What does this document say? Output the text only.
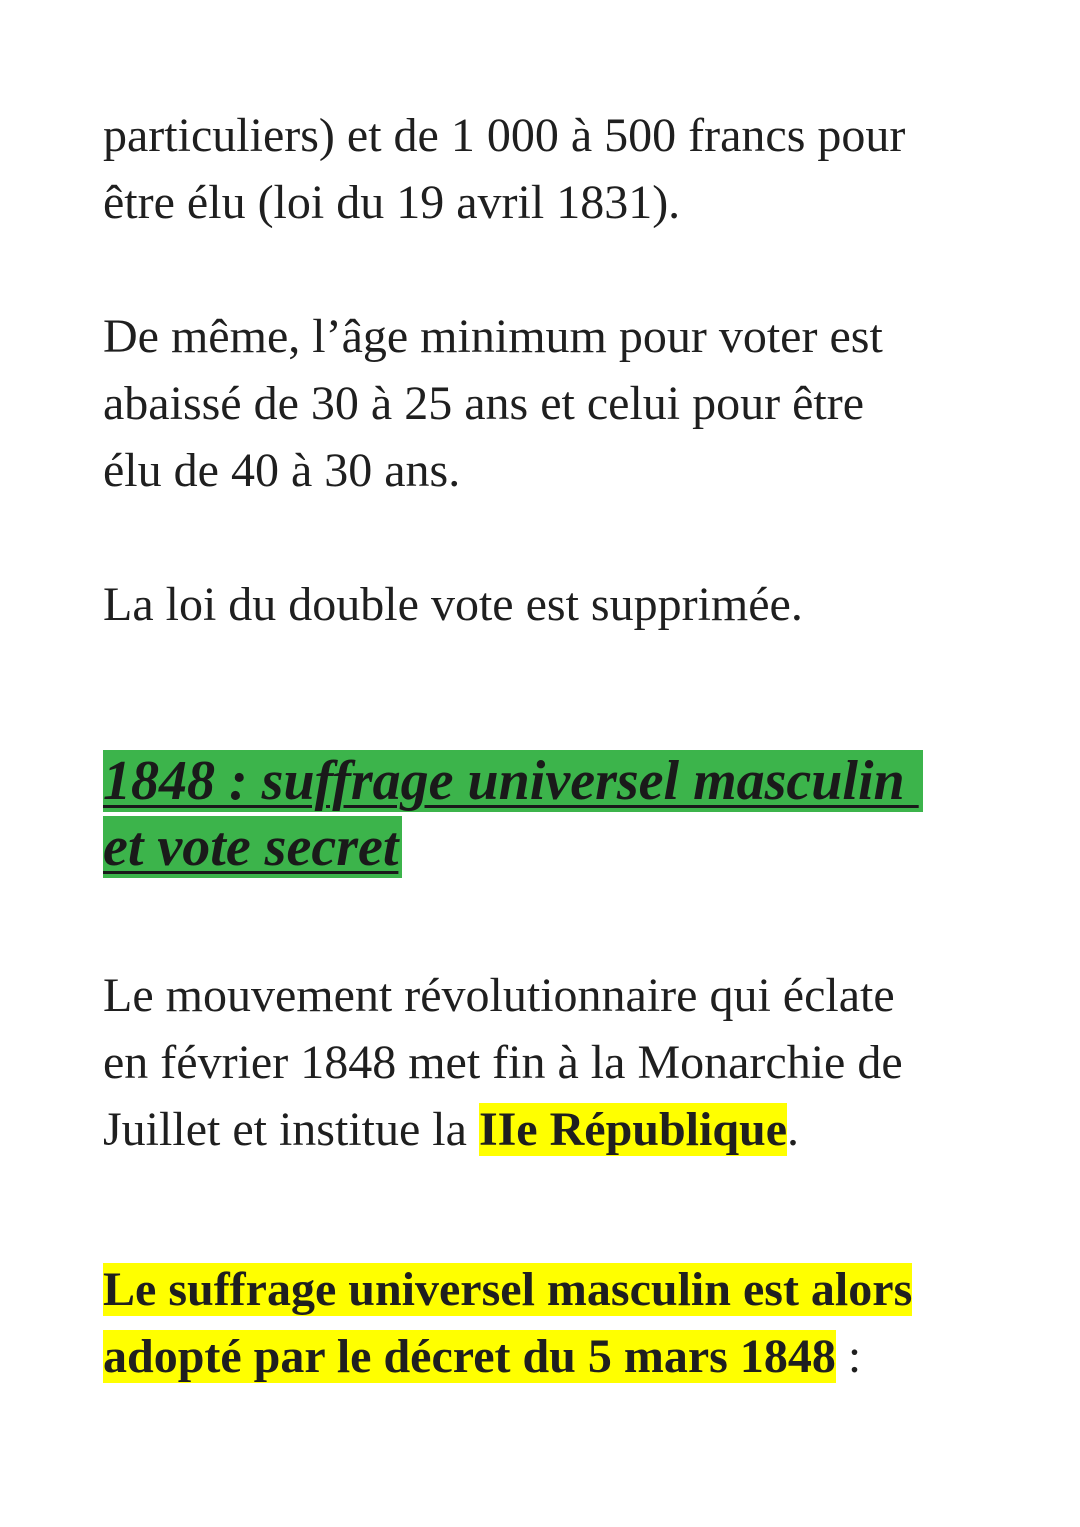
particuliers) et de 1 000 à 500 francs pour
être élu (loi du 19 avril 1831).
De même, l’âge minimum pour voter est
abaissé de 30 à 25 ans et celui pour être
élu de 40 à 30 ans.
La loi du double vote est supprimée.
1848 : suffrage universel masculin
et vote secret
Le mouvement révolutionnaire qui éclate
en février 1848 met fin à la Monarchie de
Juillet et institue la IIe République.
Le suffrage universel masculin est alors
adopté par le décret du 5 mars 1848 :
